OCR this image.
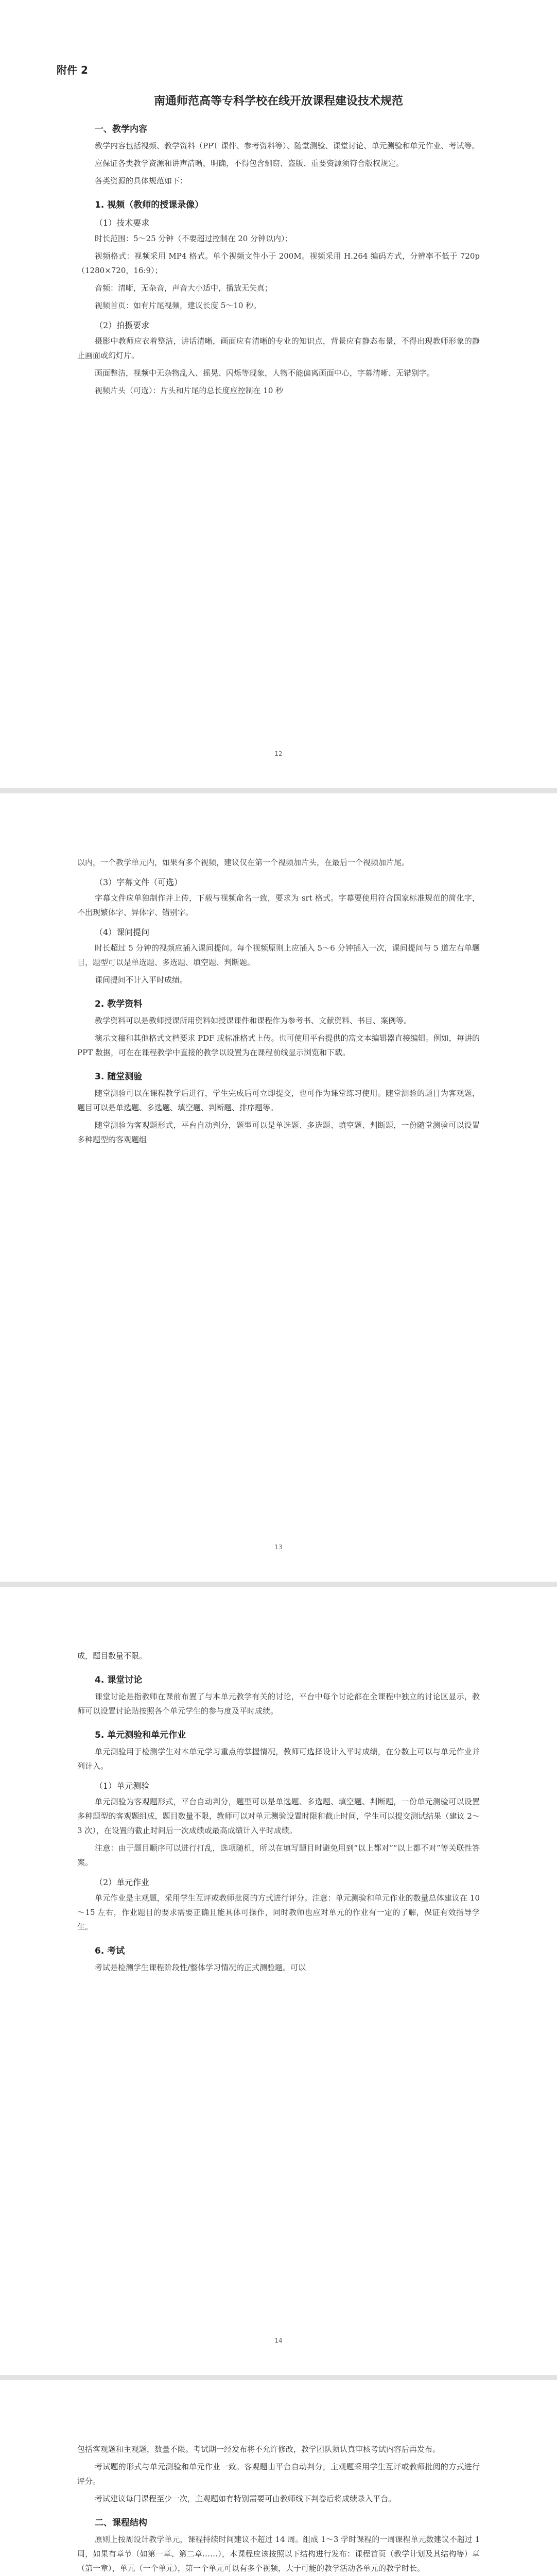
附件 2
南通师范高等专科学校在线开放课程建设技术规范
一、教学内容

教学内容包括视频、教学资料（PPT 课件、参考资料等）、随堂测验、课堂讨论、单元测验和单元作业、考试等。

应保证各类教学资源和讲声清晰，明确，不得包含剽窃、盗版、重要资源须符合版权规定。

各类资源的具体规范如下：

1. 视频（教师的授课录像）
（1）技术要求

时长范围：5～25 分钟（不要超过控制在 20 分钟以内）；

视频格式：视频采用 MP4 格式。单个视频文件小于 200M。视频采用 H.264 编码方式，分辨率不低于 720p（1280×720，16:9）；

音频：清晰，无杂音，声音大小适中，播放无失真；

视频首页：如有片尾视频，建议长度 5～10 秒。

（2）拍摄要求

摄影中教师应衣着整洁，讲话清晰，画面应有清晰的专业的知识点，背景应有静态布景，不得出现教师形象的静止画面或幻灯片。

画面整洁，视频中无杂物乱入、摇晃、闪烁等现象，人物不能偏离画面中心，字幕清晰、无错别字。

视频片头（可选）：片头和片尾的总长度应控制在 10 秒

12

以内，一个教学单元内，如果有多个视频，建议仅在第一个视频加片头，在最后一个视频加片尾。

（3）字幕文件（可选）

字幕文件应单独制作并上传，下载与视频命名一致，要求为 srt 格式。字幕要使用符合国家标准规范的简化字，不出现繁体字、异体字、错别字。

（4）课间提问

时长超过 5 分钟的视频应插入课间提问。每个视频原则上应插入 5～6 分钟插入一次，课间提问与 5 道左右单题目，题型可以是单选题、多选题、填空题、判断题。

课间提问不计入平时成绩。

2. 教学资料

教学资料可以是教师授课所用资料如授课课件和课程作为参考书、文献资料、书目、案例等。

演示文稿和其他格式文档要求 PDF 或标准格式上传。也可使用平台提供的富文本编辑器直接编辑。例如，每讲的 PPT 数据，可在在课程教学中直接的教学以设置为在课程前线显示浏览和下载。

3. 随堂测验

随堂测验可以在课程教学后进行，学生完成后可立即提交，也可作为课堂练习使用。随堂测验的题目为客观题，题目可以是单选题、多选题、填空题、判断题、排序题等。

随堂测验为客观题形式，平台自动判分，题型可以是单选题、多选题、填空题、判断题，一份随堂测验可以设置多种题型的客观题组

13

成，题目数量不限。

4. 课堂讨论

课堂讨论是指教师在课前布置了与本单元教学有关的讨论，平台中每个讨论都在全课程中独立的讨论区显示，教师可以设置讨论贴按照各个单元学生的参与度及平时成绩。

5. 单元测验和单元作业

单元测验用于检测学生对本单元学习重点的掌握情况，教师可选择设计入平时成绩，在分数上可以与单元作业并列计入。

（1）单元测验

单元测验为客观题形式，平台自动判分，题型可以是单选题、多选题、填空题、判断题，一份单元测验可以设置多种题型的客观题组成，题目数量不限，教师可以对单元测验设置时限和截止时间，学生可以提交测试结果（建议 2～3 次），在设置的截止时间后一次成绩或最高成绩计入平时成绩。

注意：由于题目顺序可以进行打乱，选项随机，所以在填写题目时避免用到“以上都对”“以上都不对”等关联性答案。

（2）单元作业

单元作业是主观题，采用学生互评或教师批阅的方式进行评分。注意：单元测验和单元作业的数量总体建议在 10～15 左右，作业题目的要求需要正确且能具体可操作，同时教师也应对单元的作业有一定的了解，保证有效指导学生。

6. 考试

考试是检测学生课程阶段性/整体学习情况的正式测验题。可以

14

包括客观题和主观题，数量不限。考试期一经发布将不允许修改，教学团队须认真审核考试内容后再发布。

考试题的形式与单元测验和单元作业一致。客观题由平台自动判分，主观题采用学生互评或教师批阅的方式进行评分。

考试建议每门课程至少一次，主观题如有特别需要可由教师线下判卷后将成绩录入平台。

二、课程结构

原则上按周设计教学单元，课程持续时间建议不超过 14 周。组成 1～3 学时课程的一周课程单元数建议不超过 1 周，如果有章节（如第一章、第二章……），本课程应该按照以下结构进行发布：课程首页（教学计划及其结构等）章（第一章），单元（一个单元），第一个单元可以有多个视频，大于可能的教学活动各单元的教学时长。
